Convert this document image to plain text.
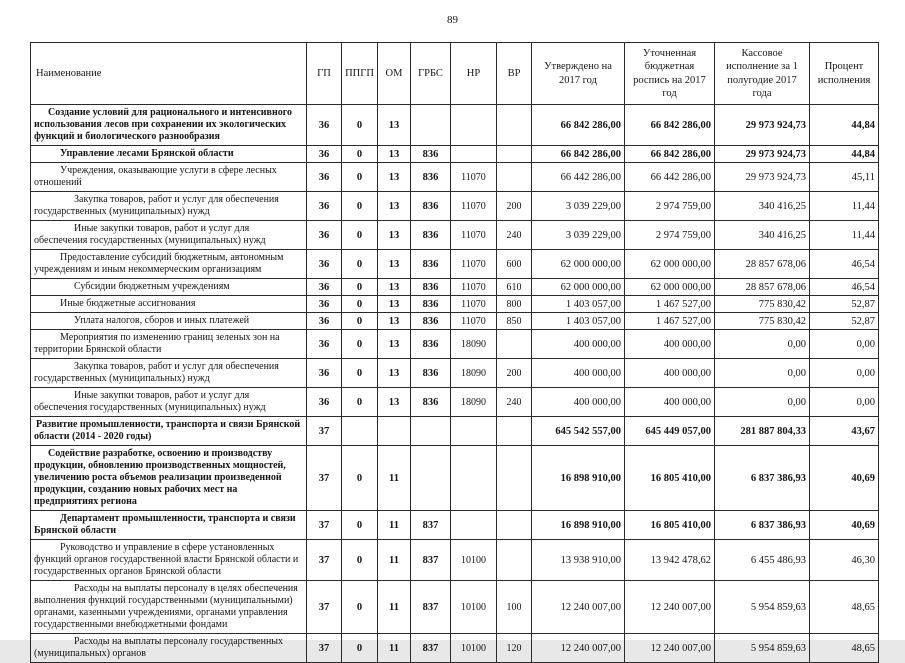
89
Наименование	ГП	ППГП	ОМ	ГРБС	НР	ВР	Утверждено на 2017 год	Уточненная бюджетная роспись на 2017 год	Кассовое исполнение за 1 полугодие 2017 года	Процент исполнения
Создание условий для рационального и интенсивного использования лесов при сохранении их экологических функций и биологического разнообразия	36	0	13				66 842 286,00	66 842 286,00	29 973 924,73	44,84
Управление лесами Брянской области	36	0	13	836			66 842 286,00	66 842 286,00	29 973 924,73	44,84
Учреждения, оказывающие услуги в сфере лесных отношений	36	0	13	836	11070		66 442 286,00	66 442 286,00	29 973 924,73	45,11
Закупка товаров, работ и услуг для обеспечения государственных (муниципальных) нужд	36	0	13	836	11070	200	3 039 229,00	2 974 759,00	340 416,25	11,44
Иные закупки товаров, работ и услуг для обеспечения государственных (муниципальных) нужд	36	0	13	836	11070	240	3 039 229,00	2 974 759,00	340 416,25	11,44
Предоставление субсидий бюджетным, автономным учреждениям и иным некоммерческим организациям	36	0	13	836	11070	600	62 000 000,00	62 000 000,00	28 857 678,06	46,54
Субсидии бюджетным учреждениям	36	0	13	836	11070	610	62 000 000,00	62 000 000,00	28 857 678,06	46,54
Иные бюджетные ассигнования	36	0	13	836	11070	800	1 403 057,00	1 467 527,00	775 830,42	52,87
Уплата налогов, сборов и иных платежей	36	0	13	836	11070	850	1 403 057,00	1 467 527,00	775 830,42	52,87
Мероприятия по изменению границ зеленых зон на территории Брянской области	36	0	13	836	18090		400 000,00	400 000,00	0,00	0,00
Закупка товаров, работ и услуг для обеспечения государственных (муниципальных) нужд	36	0	13	836	18090	200	400 000,00	400 000,00	0,00	0,00
Иные закупки товаров, работ и услуг для обеспечения государственных (муниципальных) нужд	36	0	13	836	18090	240	400 000,00	400 000,00	0,00	0,00
Развитие промышленности, транспорта и связи Брянской области (2014 - 2020 годы)	37						645 542 557,00	645 449 057,00	281 887 804,33	43,67
Содействие разработке, освоению и производству продукции, обновлению производственных мощностей, увеличению роста объемов реализации произведенной продукции, созданию новых рабочих мест на предприятиях региона	37	0	11				16 898 910,00	16 805 410,00	6 837 386,93	40,69
Департамент промышленности, транспорта и связи Брянской области	37	0	11	837			16 898 910,00	16 805 410,00	6 837 386,93	40,69
Руководство и управление в сфере установленных функций органов государственной власти Брянской области и государственных органов Брянской области	37	0	11	837	10100		13 938 910,00	13 942 478,62	6 455 486,93	46,30
Расходы на выплаты персоналу в целях обеспечения выполнения функций государственными (муниципальными) органами, казенными учреждениями, органами управления государственными внебюджетными фондами	37	0	11	837	10100	100	12 240 007,00	12 240 007,00	5 954 859,63	48,65
Расходы на выплаты персоналу государственных (муниципальных) органов	37	0	11	837	10100	120	12 240 007,00	12 240 007,00	5 954 859,63	48,65
